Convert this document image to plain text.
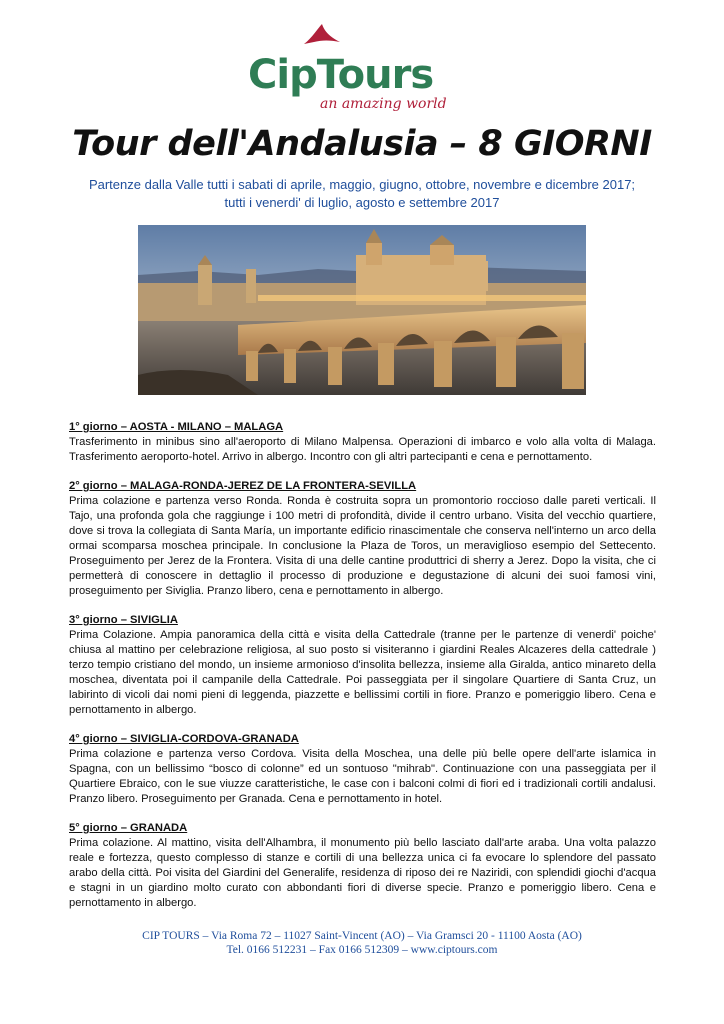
CipTours
an amazing world
Tour dell'Andalusia – 8 GIORNI
Partenze dalla Valle tutti i sabati di aprile, maggio, giugno, ottobre, novembre e dicembre 2017;
tutti i venerdi' di luglio, agosto e settembre 2017

1° giorno – AOSTA - MILANO – MALAGA

Trasferimento in minibus sino all'aeroporto di Milano Malpensa. Operazioni di imbarco e volo alla volta di Malaga. Trasferimento aeroporto-hotel. Arrivo in albergo. Incontro con gli altri partecipanti e cena e pernottamento.

2° giorno – MALAGA-RONDA-JEREZ DE LA FRONTERA-SEVILLA

Prima colazione e partenza verso Ronda. Ronda è costruita sopra un promontorio roccioso dalle pareti verticali. Il Tajo, una profonda gola che raggiunge i 100 metri di profondità, divide il centro urbano. Visita del vecchio quartiere, dove si trova la collegiata di Santa María, un importante edificio rinascimentale che conserva nell'interno un arco della ormai scomparsa moschea principale. In conclusione la Plaza de Toros, un meraviglioso esempio del Settecento. Proseguimento per Jerez de la Frontera. Visita di una delle cantine produttrici di sherry a Jerez. Dopo la visita, che ci permetterà di conoscere in dettaglio il processo di produzione e degustazione di alcuni dei suoi famosi vini, proseguimento per Siviglia. Pranzo libero, cena e pernottamento in albergo.

3° giorno – SIVIGLIA

Prima Colazione. Ampia panoramica della città e visita della Cattedrale (tranne per le partenze di venerdi' poiche' chiusa al mattino per celebrazione religiosa, al suo posto si visiteranno i giardini Reales Alcazeres della cattedrale ) terzo tempio cristiano del mondo, un insieme armonioso d'insolita bellezza, insieme alla Giralda, antico minareto della moschea, diventata poi il campanile della Cattedrale. Poi passeggiata per il singolare Quartiere di Santa Cruz, un labirinto di vicoli dai nomi pieni di leggenda, piazzette e bellissimi cortili in fiore. Pranzo e pomeriggio libero. Cena e pernottamento in albergo.

4° giorno – SIVIGLIA-CORDOVA-GRANADA

Prima colazione e partenza verso Cordova. Visita della Moschea, una delle più belle opere dell'arte islamica in Spagna, con un bellissimo “bosco di colonne” ed un sontuoso "mihrab". Continuazione con una passeggiata per il Quartiere Ebraico, con le sue viuzze caratteristiche, le case con i balconi colmi di fiori ed i tradizionali cortili andalusi. Pranzo libero. Proseguimento per Granada. Cena e pernottamento in hotel.

5° giorno – GRANADA

Prima colazione. Al mattino, visita dell'Alhambra, il monumento più bello lasciato dall'arte araba. Una volta palazzo reale e fortezza, questo complesso di stanze e cortili di una bellezza unica ci fa evocare lo splendore del passato arabo della città. Poi visita del Giardini del Generalife, residenza di riposo dei re Naziridi, con splendidi giochi d'acqua e stagni in un giardino molto curato con abbondanti fiori di diverse specie. Pranzo e pomeriggio libero. Cena e pernottamento in albergo.

CIP TOURS – Via Roma 72 – 11027 Saint-Vincent (AO) – Via Gramsci 20 - 11100 Aosta (AO)
Tel. 0166 512231 – Fax 0166 512309 – www.ciptours.com
